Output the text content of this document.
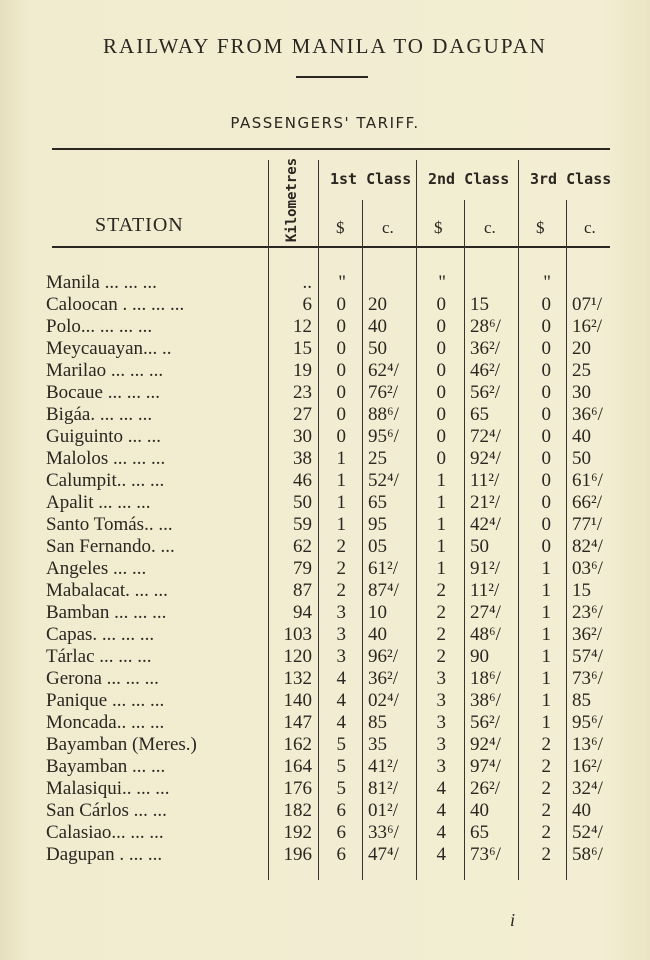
RAILWAY FROM MANILA TO DAGUPAN
PASSENGERS' TARIFF.
STATION	Kilometres 1st Class 2nd Class 3rd Class
$ c. $ c. $ c.
Manila ... ... ...	..	"	"	"
Caloocan . ... ... ...	6	0 20	0 15	0 07¹/
Polo... ... ... ...	12	0 40	0 28⁶/	0 16²/
Meycauayan... ..	15	0 50	0 36²/	0 20
Marilao ... ... ...	19	0 62⁴/	0 46²/	0 25
Bocaue ... ... ...	23	0 76²/	0 56²/	0 30
Bigáa. ... ... ...	27	0 88⁶/	0 65	0 36⁶/
Guiguinto ... ...	30	0 95⁶/	0 72⁴/	0 40
Malolos ... ... ...	38	1 25	0 92⁴/	0 50
Calumpit.. ... ...	46	1 52⁴/	1 11²/	0 61⁶/
Apalit ... ... ...	50	1 65	1 21²/	0 66²/
Santo Tomás.. ...	59	1 95	1 42⁴/	0 77¹/
San Fernando. ...	62	2 05	1 50	0 82⁴/
Angeles ... ...	79	2 61²/	1 91²/	1 03⁶/
Mabalacat. ... ...	87	2 87⁴/	2 11²/	1 15
Bamban ... ... ...	94	3 10	2 27⁴/	1 23⁶/
Capas. ... ... ...	103	3 40	2 48⁶/	1 36²/
Tárlac ... ... ...	120	3 96²/	2 90	1 57⁴/
Gerona ... ... ...	132	4 36²/	3 18⁶/	1 73⁶/
Panique ... ... ...	140	4 02⁴/	3 38⁶/	1 85
Moncada.. ... ...	147	4 85	3 56²/	1 95⁶/
Bayamban (Meres.)	162	5 35	3 92⁴/	2 13⁶/
Bayamban ... ...	164	5 41²/	3 97⁴/	2 16²/
Malasiqui.. ... ...	176	5 81²/	4 26²/	2 32⁴/
San Cárlos ... ...	182	6 01²/	4 40	2 40
Calasiao... ... ...	192	6 33⁶/	4 65	2 52⁴/
Dagupan . ... ...	196	6 47⁴/	4 73⁶/	2 58⁶/
i
